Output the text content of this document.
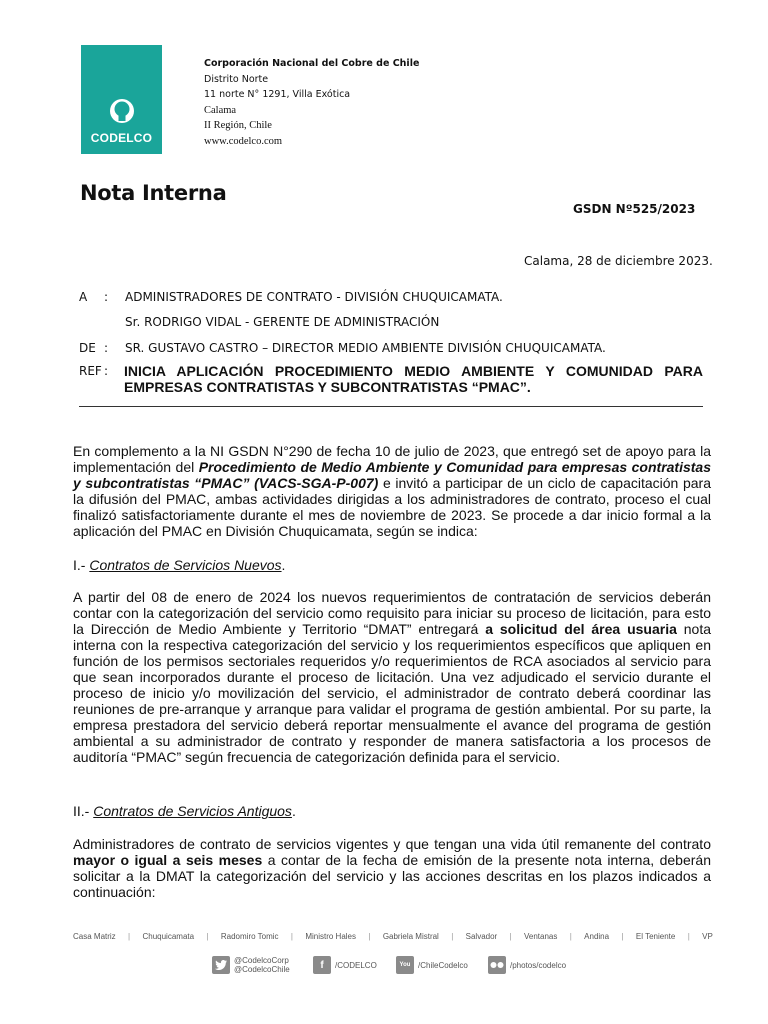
CODELCO
Corporación Nacional del Cobre de Chile
Distrito Norte
11 norte N° 1291, Villa Exótica
Calama
II Región, Chile
www.codelco.com
Nota Interna
GSDN Nº525/2023
Calama, 28 de diciembre 2023.
A : ADMINISTRADORES DE CONTRATO - DIVISIÓN CHUQUICAMATA.
Sr. RODRIGO VIDAL - GERENTE DE ADMINISTRACIÓN
DE : SR. GUSTAVO CASTRO – DIRECTOR MEDIO AMBIENTE DIVISIÓN CHUQUICAMATA.
REF : INICIA APLICACIÓN PROCEDIMIENTO MEDIO AMBIENTE Y COMUNIDAD PARA EMPRESAS CONTRATISTAS Y SUBCONTRATISTAS “PMAC”.

En complemento a la NI GSDN N°290 de fecha 10 de julio de 2023, que entregó set de apoyo para la implementación del Procedimiento de Medio Ambiente y Comunidad para empresas contratistas y subcontratistas “PMAC” (VACS-SGA-P-007) e invitó a participar de un ciclo de capacitación para la difusión del PMAC, ambas actividades dirigidas a los administradores de contrato, proceso el cual finalizó satisfactoriamente durante el mes de noviembre de 2023. Se procede a dar inicio formal a la aplicación del PMAC en División Chuquicamata, según se indica:

I.- Contratos de Servicios Nuevos.

A partir del 08 de enero de 2024 los nuevos requerimientos de contratación de servicios deberán contar con la categorización del servicio como requisito para iniciar su proceso de licitación, para esto la Dirección de Medio Ambiente y Territorio “DMAT” entregará a solicitud del área usuaria nota interna con la respectiva categorización del servicio y los requerimientos específicos que apliquen en función de los permisos sectoriales requeridos y/o requerimientos de RCA asociados al servicio para que sean incorporados durante el proceso de licitación. Una vez adjudicado el servicio durante el proceso de inicio y/o movilización del servicio, el administrador de contrato deberá coordinar las reuniones de pre-arranque y arranque para validar el programa de gestión ambiental. Por su parte, la empresa prestadora del servicio deberá reportar mensualmente el avance del programa de gestión ambiental a su administrador de contrato y responder de manera satisfactoria a los procesos de auditoría “PMAC” según frecuencia de categorización definida para el servicio.

II.- Contratos de Servicios Antiguos.

Administradores de contrato de servicios vigentes y que tengan una vida útil remanente del contrato mayor o igual a seis meses a contar de la fecha de emisión de la presente nota interna, deberán solicitar a la DMAT la categorización del servicio y las acciones descritas en los plazos indicados a continuación:

Casa Matriz | Chuquicamata | Radomiro Tomic | Ministro Hales | Gabriela Mistral | Salvador | Ventanas | Andina | El Teniente | VP
@CodelcoCorp
@CodelcoChile	f	/CODELCO	You /ChileCodelco	/photos/codelco
